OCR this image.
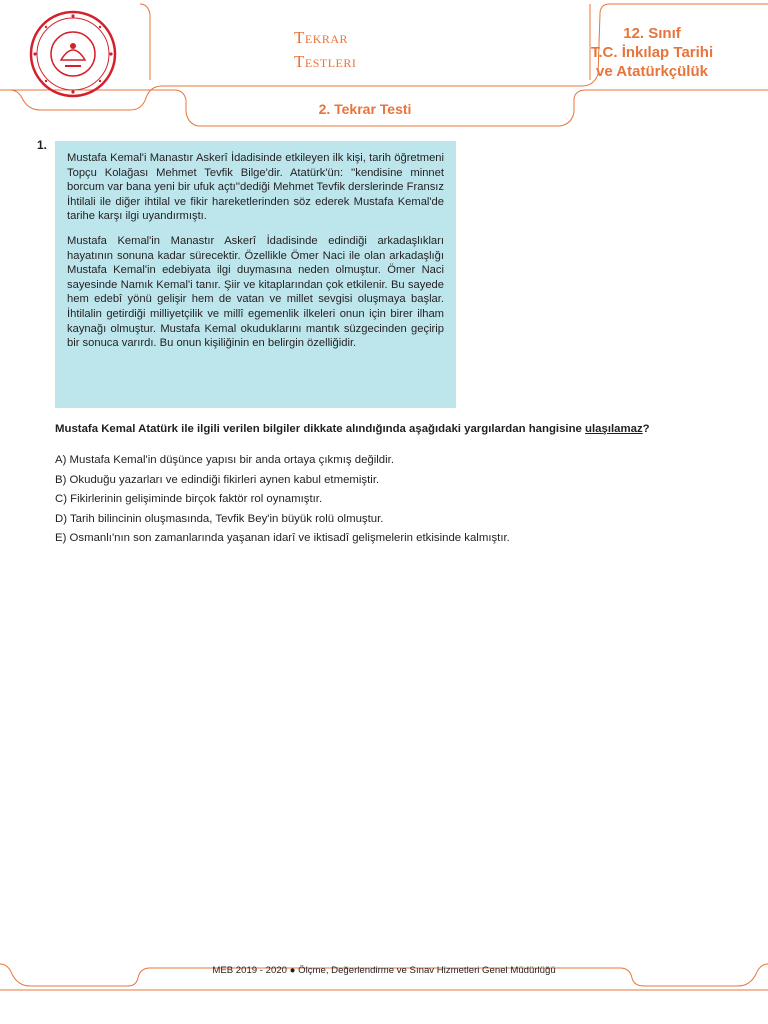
Tekrar
Testleri
12. Sınıf
T.C. İnkılap Tarihi
ve Atatürkçülük
2. Tekrar Testi
1.

Mustafa Kemal'i Manastır Askerî İdadisinde etkileyen ilk kişi, tarih öğretmeni Topçu Kolağası Mehmet Tevfik Bilge'dir. Atatürk'ün: ''kendisine minnet borcum var bana yeni bir ufuk açtı''dediği Mehmet Tevfik derslerinde Fransız İhtilali ile diğer ihtilal ve fikir hareketlerinden söz ederek Mustafa Kemal'de tarihe karşı ilgi uyandırmıştı.

Mustafa Kemal'in Manastır Askerî İdadisinde edindiği arkadaşlıkları hayatının sonuna kadar sürecektir. Özellikle Ömer Naci ile olan arkadaşlığı Mustafa Kemal'in edebiyata ilgi duymasına neden olmuştur. Ömer Naci sayesinde Namık Kemal'i tanır. Şiir ve kitaplarından çok etkilenir. Bu sayede hem edebî yönü gelişir hem de vatan ve millet sevgisi oluşmaya başlar. İhtilalin getirdiği milliyetçilik ve millî egemenlik ilkeleri onun için birer ilham kaynağı olmuştur. Mustafa Kemal okuduklarını mantık süzgecinden geçirip bir sonuca varırdı. Bu onun kişiliğinin en belirgin özelliğidir.

Mustafa Kemal Atatürk ile ilgili verilen bilgiler dikkate alındığında aşağıdaki yargılardan hangisine ulaşılamaz?
A) Mustafa Kemal'in düşünce yapısı bir anda ortaya çıkmış değildir.
B) Okuduğu yazarları ve edindiği fikirleri aynen kabul etmemiştir.
C) Fikirlerinin gelişiminde birçok faktör rol oynamıştır.
D) Tarih bilincinin oluşmasında, Tevfik Bey'in büyük rolü olmuştur.
E) Osmanlı'nın son zamanlarında yaşanan idarî ve iktisadî gelişmelerin etkisinde kalmıştır.
MEB 2019 - 2020 ● Ölçme, Değerlendirme ve Sınav Hizmetleri Genel Müdürlüğü
